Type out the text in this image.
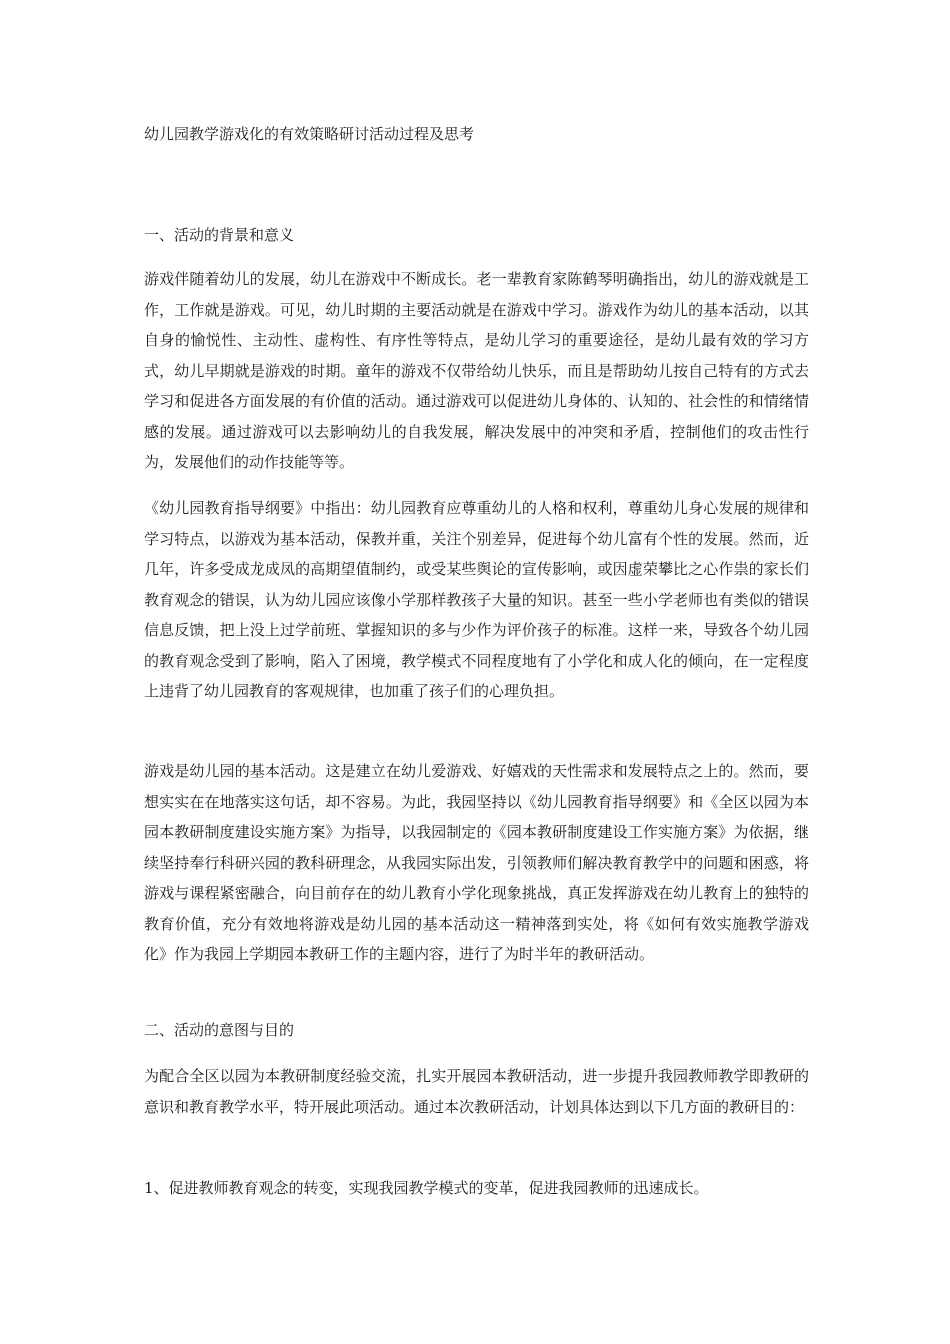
幼儿园教学游戏化的有效策略研讨活动过程及思考
一、活动的背景和意义

游戏伴随着幼儿的发展，幼儿在游戏中不断成长。老一辈教育家陈鹤琴明确指出，幼儿的游戏就是工作，工作就是游戏。可见，幼儿时期的主要活动就是在游戏中学习。游戏作为幼儿的基本活动，以其自身的愉悦性、主动性、虚构性、有序性等特点，是幼儿学习的重要途径，是幼儿最有效的学习方式，幼儿早期就是游戏的时期。童年的游戏不仅带给幼儿快乐，而且是帮助幼儿按自己特有的方式去学习和促进各方面发展的有价值的活动。通过游戏可以促进幼儿身体的、认知的、社会性的和情绪情感的发展。通过游戏可以去影响幼儿的自我发展，解决发展中的冲突和矛盾，控制他们的攻击性行为，发展他们的动作技能等等。

《幼儿园教育指导纲要》中指出：幼儿园教育应尊重幼儿的人格和权利，尊重幼儿身心发展的规律和学习特点，以游戏为基本活动，保教并重，关注个别差异，促进每个幼儿富有个性的发展。然而，近几年，许多受成龙成凤的高期望值制约，或受某些舆论的宣传影响，或因虚荣攀比之心作祟的家长们教育观念的错误，认为幼儿园应该像小学那样教孩子大量的知识。甚至一些小学老师也有类似的错误信息反馈，把上没上过学前班、掌握知识的多与少作为评价孩子的标准。这样一来，导致各个幼儿园的教育观念受到了影响，陷入了困境，教学模式不同程度地有了小学化和成人化的倾向，在一定程度上违背了幼儿园教育的客观规律，也加重了孩子们的心理负担。

游戏是幼儿园的基本活动。这是建立在幼儿爱游戏、好嬉戏的天性需求和发展特点之上的。然而，要想实实在在地落实这句话，却不容易。为此，我园坚持以《幼儿园教育指导纲要》和《全区以园为本园本教研制度建设实施方案》为指导，以我园制定的《园本教研制度建设工作实施方案》为依据，继续坚持奉行科研兴园的教科研理念，从我园实际出发，引领教师们解决教育教学中的问题和困惑，将游戏与课程紧密融合，向目前存在的幼儿教育小学化现象挑战，真正发挥游戏在幼儿教育上的独特的教育价值，充分有效地将游戏是幼儿园的基本活动这一精神落到实处，将《如何有效实施教学游戏化》作为我园上学期园本教研工作的主题内容，进行了为时半年的教研活动。

二、活动的意图与目的

为配合全区以园为本教研制度经验交流，扎实开展园本教研活动，进一步提升我园教师教学即教研的意识和教育教学水平，特开展此项活动。通过本次教研活动，计划具体达到以下几方面的教研目的：

1、促进教师教育观念的转变，实现我园教学模式的变革，促进我园教师的迅速成长。
